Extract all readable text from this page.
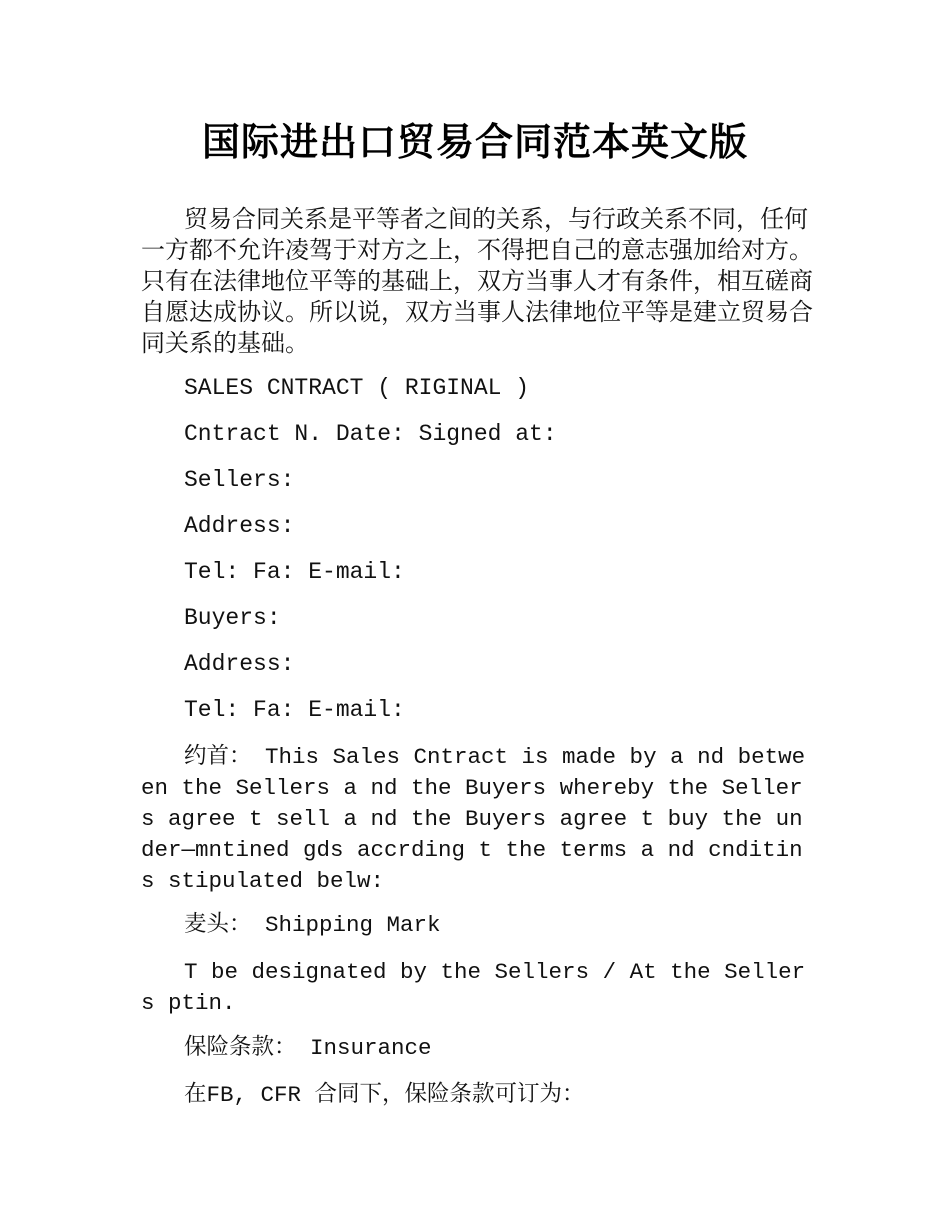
国际进出口贸易合同范本英文版

贸易合同关系是平等者之间的关系，与行政关系不同，任何一方都不允许凌驾于对方之上，不得把自己的意志强加给对方。只有在法律地位平等的基础上，双方当事人才有条件，相互磋商自愿达成协议。所以说，双方当事人法律地位平等是建立贸易合同关系的基础。

SALES CNTRACT ( RIGINAL )

Cntract N. Date: Signed at:

Sellers:

Address:

Tel: Fa: E-mail:

Buyers:

Address:

Tel: Fa: E-mail:

约首： This Sales Cntract is made by a nd between the Sellers a nd the Buyers whereby the Sellers agree t sell a nd the Buyers agree t buy the under—mntined gds accrding t the terms a nd cnditins stipulated belw:

麦头： Shipping Mark

T be designated by the Sellers / At the Sellers ptin.

保险条款： Insurance

在FB, CFR 合同下，保险条款可订为：
